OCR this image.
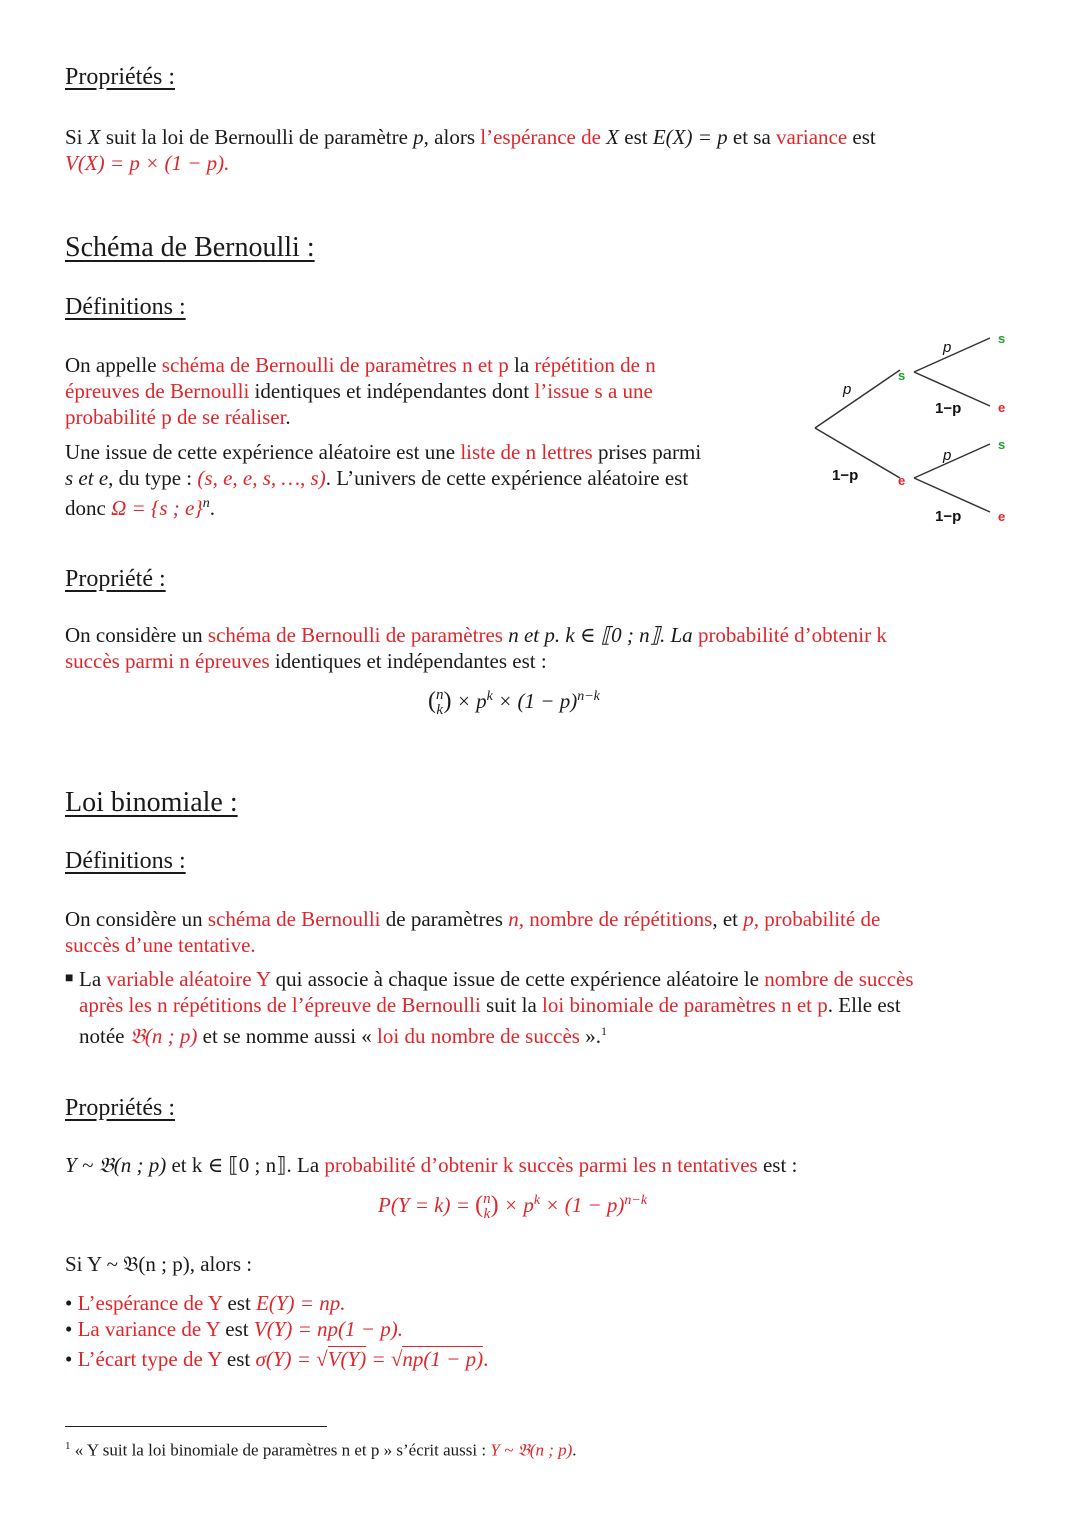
Propriétés :
Si X suit la loi de Bernoulli de paramètre p, alors l’espérance de X est E(X) = p et sa variance est
V(X) = p × (1 − p).
Schéma de Bernoulli :
Définitions :
On appelle schéma de Bernoulli de paramètres n et p la répétition de n
épreuves de Bernoulli identiques et indépendantes dont l’issue s a une
probabilité p de se réaliser.
Une issue de cette expérience aléatoire est une liste de n lettres prises parmi
s et e, du type : (s, e, e, s, …, s). L’univers de cette expérience aléatoire est
donc Ω = {s ; e}$^n$.
p
1−p
s
e
p
1−p
p
1−p
s
e
s
e
Propriété :
On considère un schéma de Bernoulli de paramètres n et p. k ∈ ⟦0 ; n⟧. La probabilité d’obtenir k
succès parmi n épreuves identiques et indépendantes est :
(n
$k) \times p^k \times (1 - p)^{n-k}$
Loi binomiale :
Définitions :
On considère un schéma de Bernoulli de paramètres n, nombre de répétitions, et p, probabilité de
succès d’une tentative.
■ La variable aléatoire Y qui associe à chaque issue de cette expérience aléatoire le nombre de succès
après les n répétitions de l’épreuve de Bernoulli suit la loi binomiale de paramètres n et p. Elle est
notée 𝔅(n ; p) et se nomme aussi « loi du nombre de succès ».$^1$
Propriétés :
Y ~ 𝔅(n ; p) et k ∈ ⟦0 ; n⟧. La probabilité d’obtenir k succès parmi les n tentatives est :
P(Y = k) = (n
$k) \times p^k \times (1 - p)^{n-k}$
Si Y ~ 𝔅(n ; p), alors :
• L’espérance de Y est E(Y) = np.
• La variance de Y est V(Y) = np(1 − p).
• L’écart type de Y est σ(Y) = √V(Y) = √np(1 − p).
$^1$ « Y suit la loi binomiale de paramètres n et p » s’écrit aussi : Y ~ 𝔅(n ; p).
